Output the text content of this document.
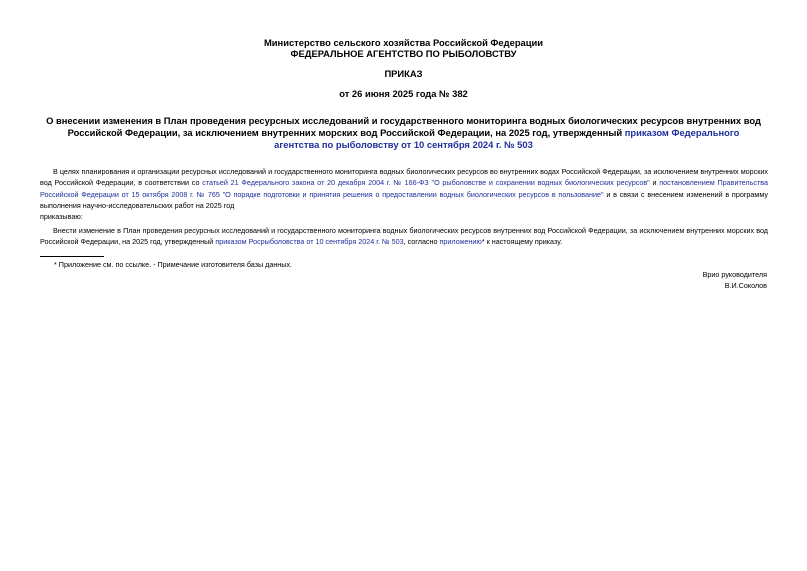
Министерство сельского хозяйства Российской Федерации
ФЕДЕРАЛЬНОЕ АГЕНТСТВО ПО РЫБОЛОВСТВУ
ПРИКАЗ
от 26 июня 2025 года № 382
О внесении изменения в План проведения ресурсных исследований и государственного мониторинга водных биологических ресурсов внутренних вод Российской Федерации, за исключением внутренних морских вод Российской Федерации, на 2025 год, утвержденный приказом Федерального агентства по рыболовству от 10 сентября 2024 г. № 503
В целях планирования и организации ресурсных исследований и государственного мониторинга водных биологических ресурсов во внутренних водах Российской Федерации, за исключением внутренних морских вод Российской Федерации, в соответствии со статьей 21 Федерального закона от 20 декабря 2004 г. № 166-ФЗ "О рыболовстве и сохранении водных биологических ресурсов" и постановлением Правительства Российской Федерации от 15 октября 2008 г. № 765 "О порядке подготовки и принятия решения о предоставлении водных биологических ресурсов в пользование" и в связи с внесением изменений в программу выполнения научно-исследовательских работ на 2025 год
приказываю:
Внести изменение в План проведения ресурсных исследований и государственного мониторинга водных биологических ресурсов внутренних вод Российской Федерации, за исключением внутренних морских вод Российской Федерации, на 2025 год, утвержденный приказом Росрыболовства от 10 сентября 2024 г. № 503, согласно приложению* к настоящему приказу.
* Приложение см. по ссылке. - Примечание изготовителя базы данных.
Врио руководителя
В.И.Соколов
